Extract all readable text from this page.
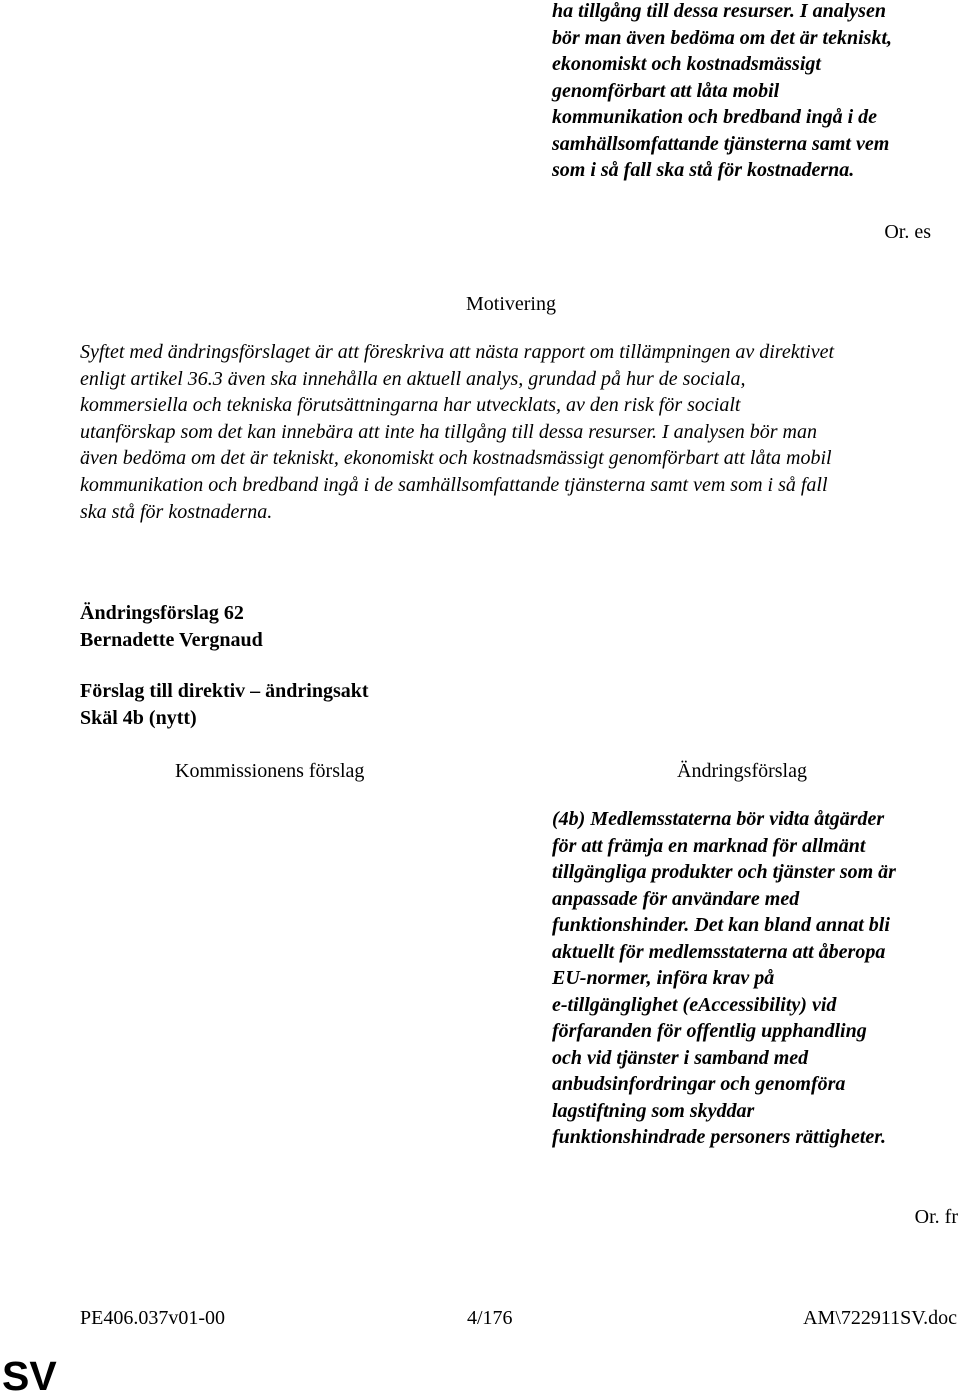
ha tillgång till dessa resurser. I analysen
bör man även bedöma om det är tekniskt,
ekonomiskt och kostnadsmässigt
genomförbart att låta mobil
kommunikation och bredband ingå i de
samhällsomfattande tjänsterna samt vem
som i så fall ska stå för kostnaderna.
Or. es
Motivering
Syftet med ändringsförslaget är att föreskriva att nästa rapport om tillämpningen av direktivet
enligt artikel 36.3 även ska innehålla en aktuell analys, grundad på hur de sociala,
kommersiella och tekniska förutsättningarna har utvecklats, av den risk för socialt
utanförskap som det kan innebära att inte ha tillgång till dessa resurser. I analysen bör man
även bedöma om det är tekniskt, ekonomiskt och kostnadsmässigt genomförbart att låta mobil
kommunikation och bredband ingå i de samhällsomfattande tjänsterna samt vem som i så fall
ska stå för kostnaderna.
Ändringsförslag 62
Bernadette Vergnaud
Förslag till direktiv – ändringsakt
Skäl 4b (nytt)
Kommissionens förslag	Ändringsförslag
(4b) Medlemsstaterna bör vidta åtgärder
för att främja en marknad för allmänt
tillgängliga produkter och tjänster som är
anpassade för användare med
funktionshinder. Det kan bland annat bli
aktuellt för medlemsstaterna att åberopa
EU-normer, införa krav på
e-tillgänglighet (eAccessibility) vid
förfaranden för offentlig upphandling
och vid tjänster i samband med
anbudsinfordringar och genomföra
lagstiftning som skyddar
funktionshindrade personers rättigheter.
Or. fr
PE406.037v01-00	4/176	AM\722911SV.doc
SV
